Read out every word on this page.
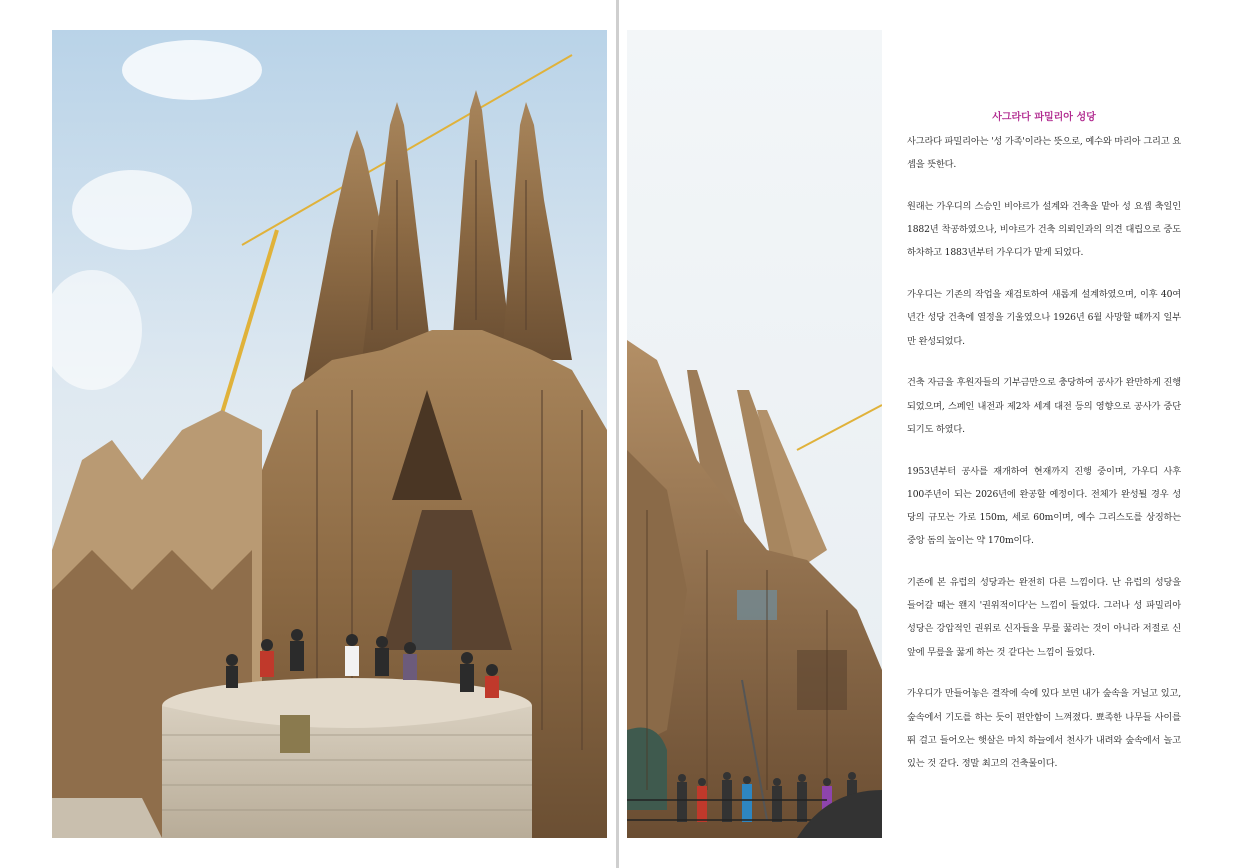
사그라다 파밀리아 성당

사그라다 파밀리아는 '성 가족'이라는 뜻으로, 예수와 마리아 그리고 요셉을 뜻한다.

원래는 가우디의 스승인 비야르가 설계와 건축을 맡아 성 요셉 축일인 1882년 착공하였으나, 비야르가 건축 의뢰인과의 의견 대립으로 중도 하차하고 1883년부터 가우디가 맡게 되었다.

가우디는 기존의 작업을 재검토하여 새롭게 설계하였으며, 이후 40여 년간 성당 건축에 열정을 기울였으나 1926년 6월 사망할 때까지 일부만 완성되었다.

건축 자금을 후원자들의 기부금만으로 충당하여 공사가 완만하게 진행되었으며, 스페인 내전과 제2차 세계 대전 등의 영향으로 공사가 중단되기도 하였다.

1953년부터 공사를 재개하여 현재까지 진행 중이며, 가우디 사후 100주년이 되는 2026년에 완공할 예정이다. 전체가 완성될 경우 성당의 규모는 가로 150m, 세로 60m이며, 예수 그리스도를 상징하는 중앙 돔의 높이는 약 170m이다.

기존에 본 유럽의 성당과는 완전히 다른 느낌이다. 난 유럽의 성당을 들어갈 때는 왠지 '권위적이다'는 느낌이 들었다. 그러나 성 파밀리아 성당은 강압적인 권위로 신자들을 무릎 꿇리는 것이 아니라 저절로 신 앞에 무릎을 꿇게 하는 것 같다는 느낌이 들었다.

가우디가 만들어놓은 결작에 숙에 있다 보면 내가 숲속을 거닐고 있고, 숲속에서 기도를 하는 듯이 편안함이 느껴졌다. 뾰족한 나무들 사이를 뛰 걸고 들어오는 햇살은 마치 하늘에서 천사가 내려와 숲속에서 놀고 있는 것 같다. 정말 최고의 건축물이다.
